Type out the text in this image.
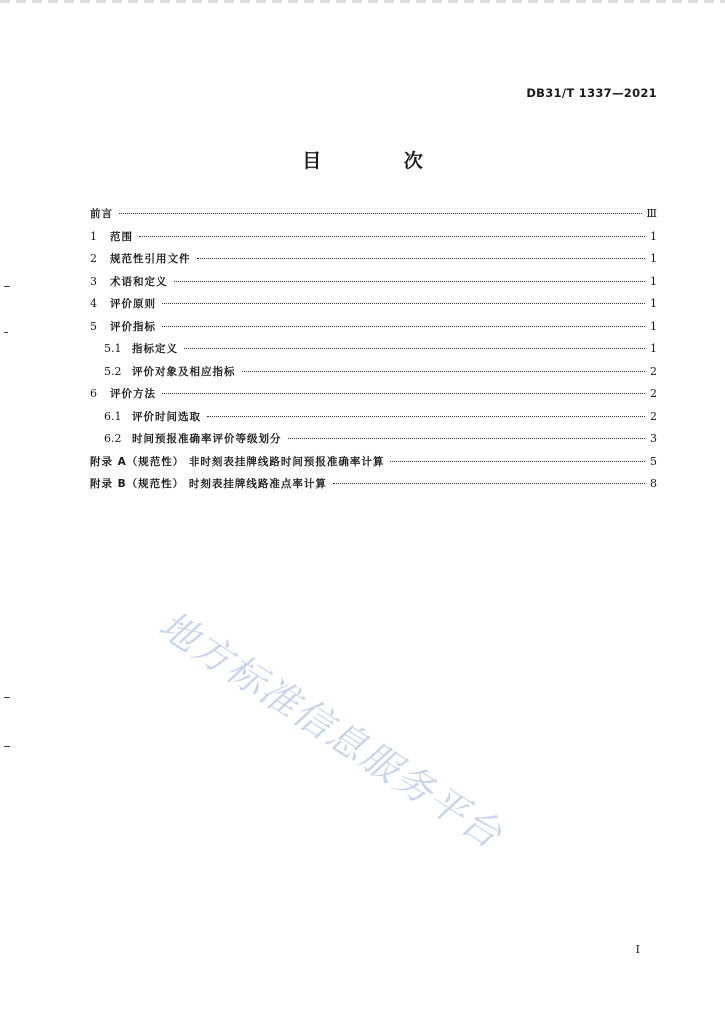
DB31/T 1337—2021
目 次
前言	Ⅲ
1	范围	1
2	规范性引用文件	1
3	术语和定义	1
4	评价原则	1
5	评价指标	1
5.1	指标定义	1
5.2	评价对象及相应指标	2
6	评价方法	2
6.1	评价时间选取	2
6.2	时间预报准确率评价等级划分	3
附录 A（规范性） 非时刻表挂牌线路时间预报准确率计算	5
附录 B（规范性） 时刻表挂牌线路准点率计算	8
地方标准信息服务平台
I
